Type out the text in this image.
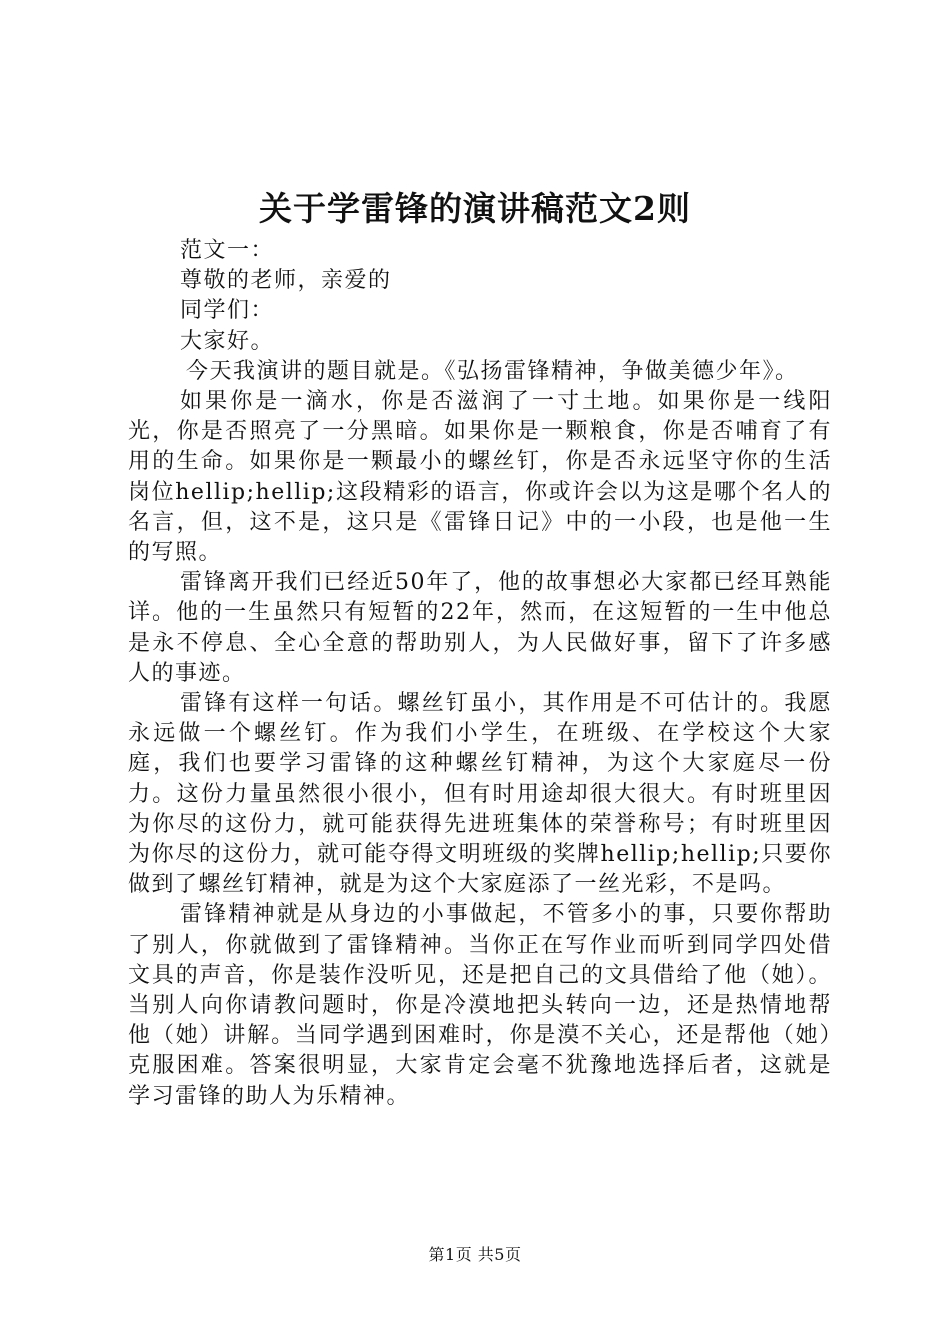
关于学雷锋的演讲稿范文2则

范文一：

尊敬的老师，亲爱的

同学们：

大家好。

今天我演讲的题目就是。《弘扬雷锋精神，争做美德少年》。

如果你是一滴水，你是否滋润了一寸土地。如果你是一线阳光，你是否照亮了一分黑暗。如果你是一颗粮食，你是否哺育了有用的生命。如果你是一颗最小的螺丝钉，你是否永远坚守你的生活岗位hellip;hellip;这段精彩的语言，你或许会以为这是哪个名人的名言，但，这不是，这只是《雷锋日记》中的一小段，也是他一生的写照。

雷锋离开我们已经近50年了，他的故事想必大家都已经耳熟能详。他的一生虽然只有短暂的22年，然而，在这短暂的一生中他总是永不停息、全心全意的帮助别人，为人民做好事，留下了许多感人的事迹。

雷锋有这样一句话。螺丝钉虽小，其作用是不可估计的。我愿永远做一个螺丝钉。作为我们小学生，在班级、在学校这个大家庭，我们也要学习雷锋的这种螺丝钉精神，为这个大家庭尽一份力。这份力量虽然很小很小，但有时用途却很大很大。有时班里因为你尽的这份力，就可能获得先进班集体的荣誉称号；有时班里因为你尽的这份力，就可能夺得文明班级的奖牌hellip;hellip;只要你做到了螺丝钉精神，就是为这个大家庭添了一丝光彩，不是吗。

雷锋精神就是从身边的小事做起，不管多小的事，只要你帮助了别人，你就做到了雷锋精神。当你正在写作业而听到同学四处借文具的声音，你是装作没听见，还是把自己的文具借给了他（她）。当别人向你请教问题时，你是冷漠地把头转向一边，还是热情地帮他（她）讲解。当同学遇到困难时，你是漠不关心，还是帮他（她）克服困难。答案很明显，大家肯定会毫不犹豫地选择后者，这就是学习雷锋的助人为乐精神。

第1页 共5页
